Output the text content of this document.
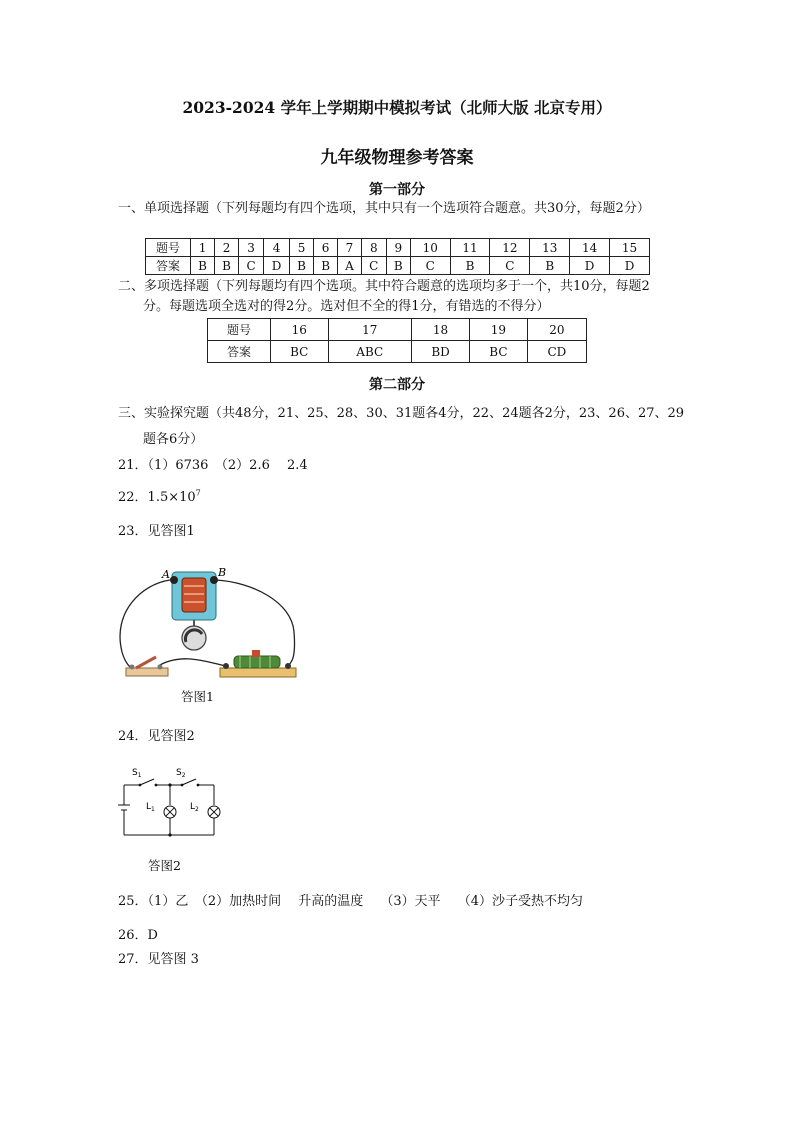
2023-2024 学年上学期期中模拟考试（北师大版 北京专用）
九年级物理参考答案
第一部分
一、单项选择题（下列每题均有四个选项，其中只有一个选项符合题意。共30分，每题2分）
题号	1	2	3	4	5	6	7	8	9	10	11	12	13	14	15
答案	B	B	C	D	B	B	A	C	B	C	B	C	B	D	D
二、多项选择题（下列每题均有四个选项。其中符合题意的选项均多于一个，共10分，每题2
分。每题选项全选对的得2分。选对但不全的得1分，有错选的不得分）
题号	16	17	18	19	20
答案	BC	ABC	BD	BC	CD
第二部分
三、实验探究题（共48分，21、25、28、30、31题各4分，22、24题各2分，23、26、27、29
题各6分）
21．（1）6736　（2）2.6　 2.4
22．$1.5\times 10^7$
23．见答图1
A	B
答图1
24．见答图2
$S_1$	$S_2$
$L_1$	$L_2$
答图2
25．（1）乙　（2）加热时间　 升高的温度　 （3）天平　 （4）沙子受热不均匀
26．D
27．见答图 3
